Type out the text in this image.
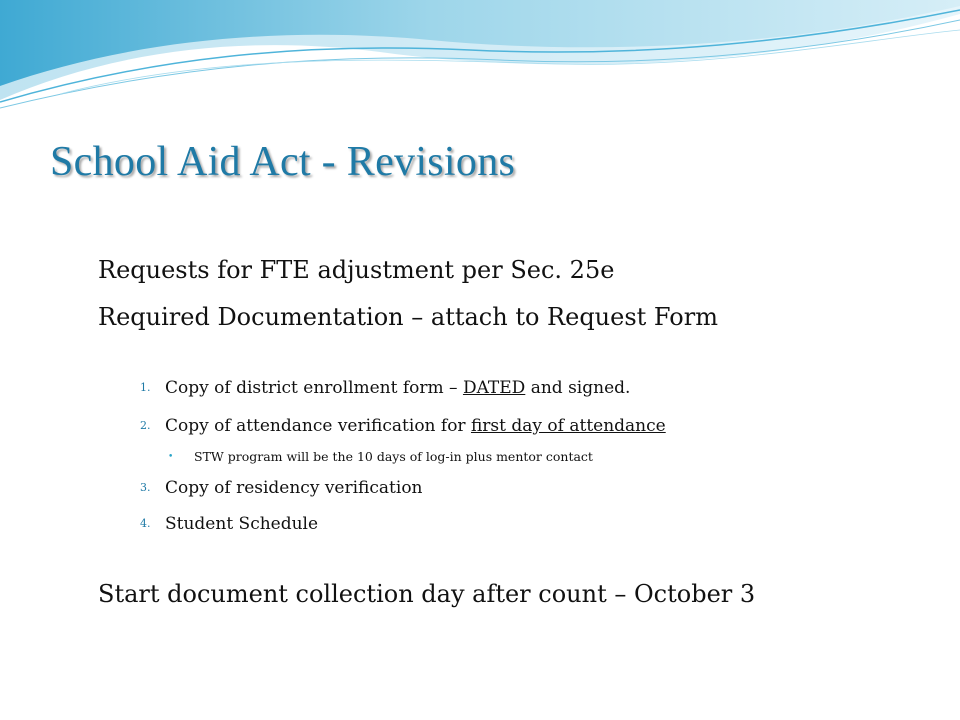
School Aid Act - Revisions
Requests for FTE adjustment per Sec. 25e
Required Documentation – attach to Request Form
1. Copy of district enrollment form – DATED and signed.
2. Copy of attendance verification for first day of attendance
• STW program will be the 10 days of log-in plus mentor contact
3. Copy of residency verification
4. Student Schedule
Start document collection day after count – October 3
